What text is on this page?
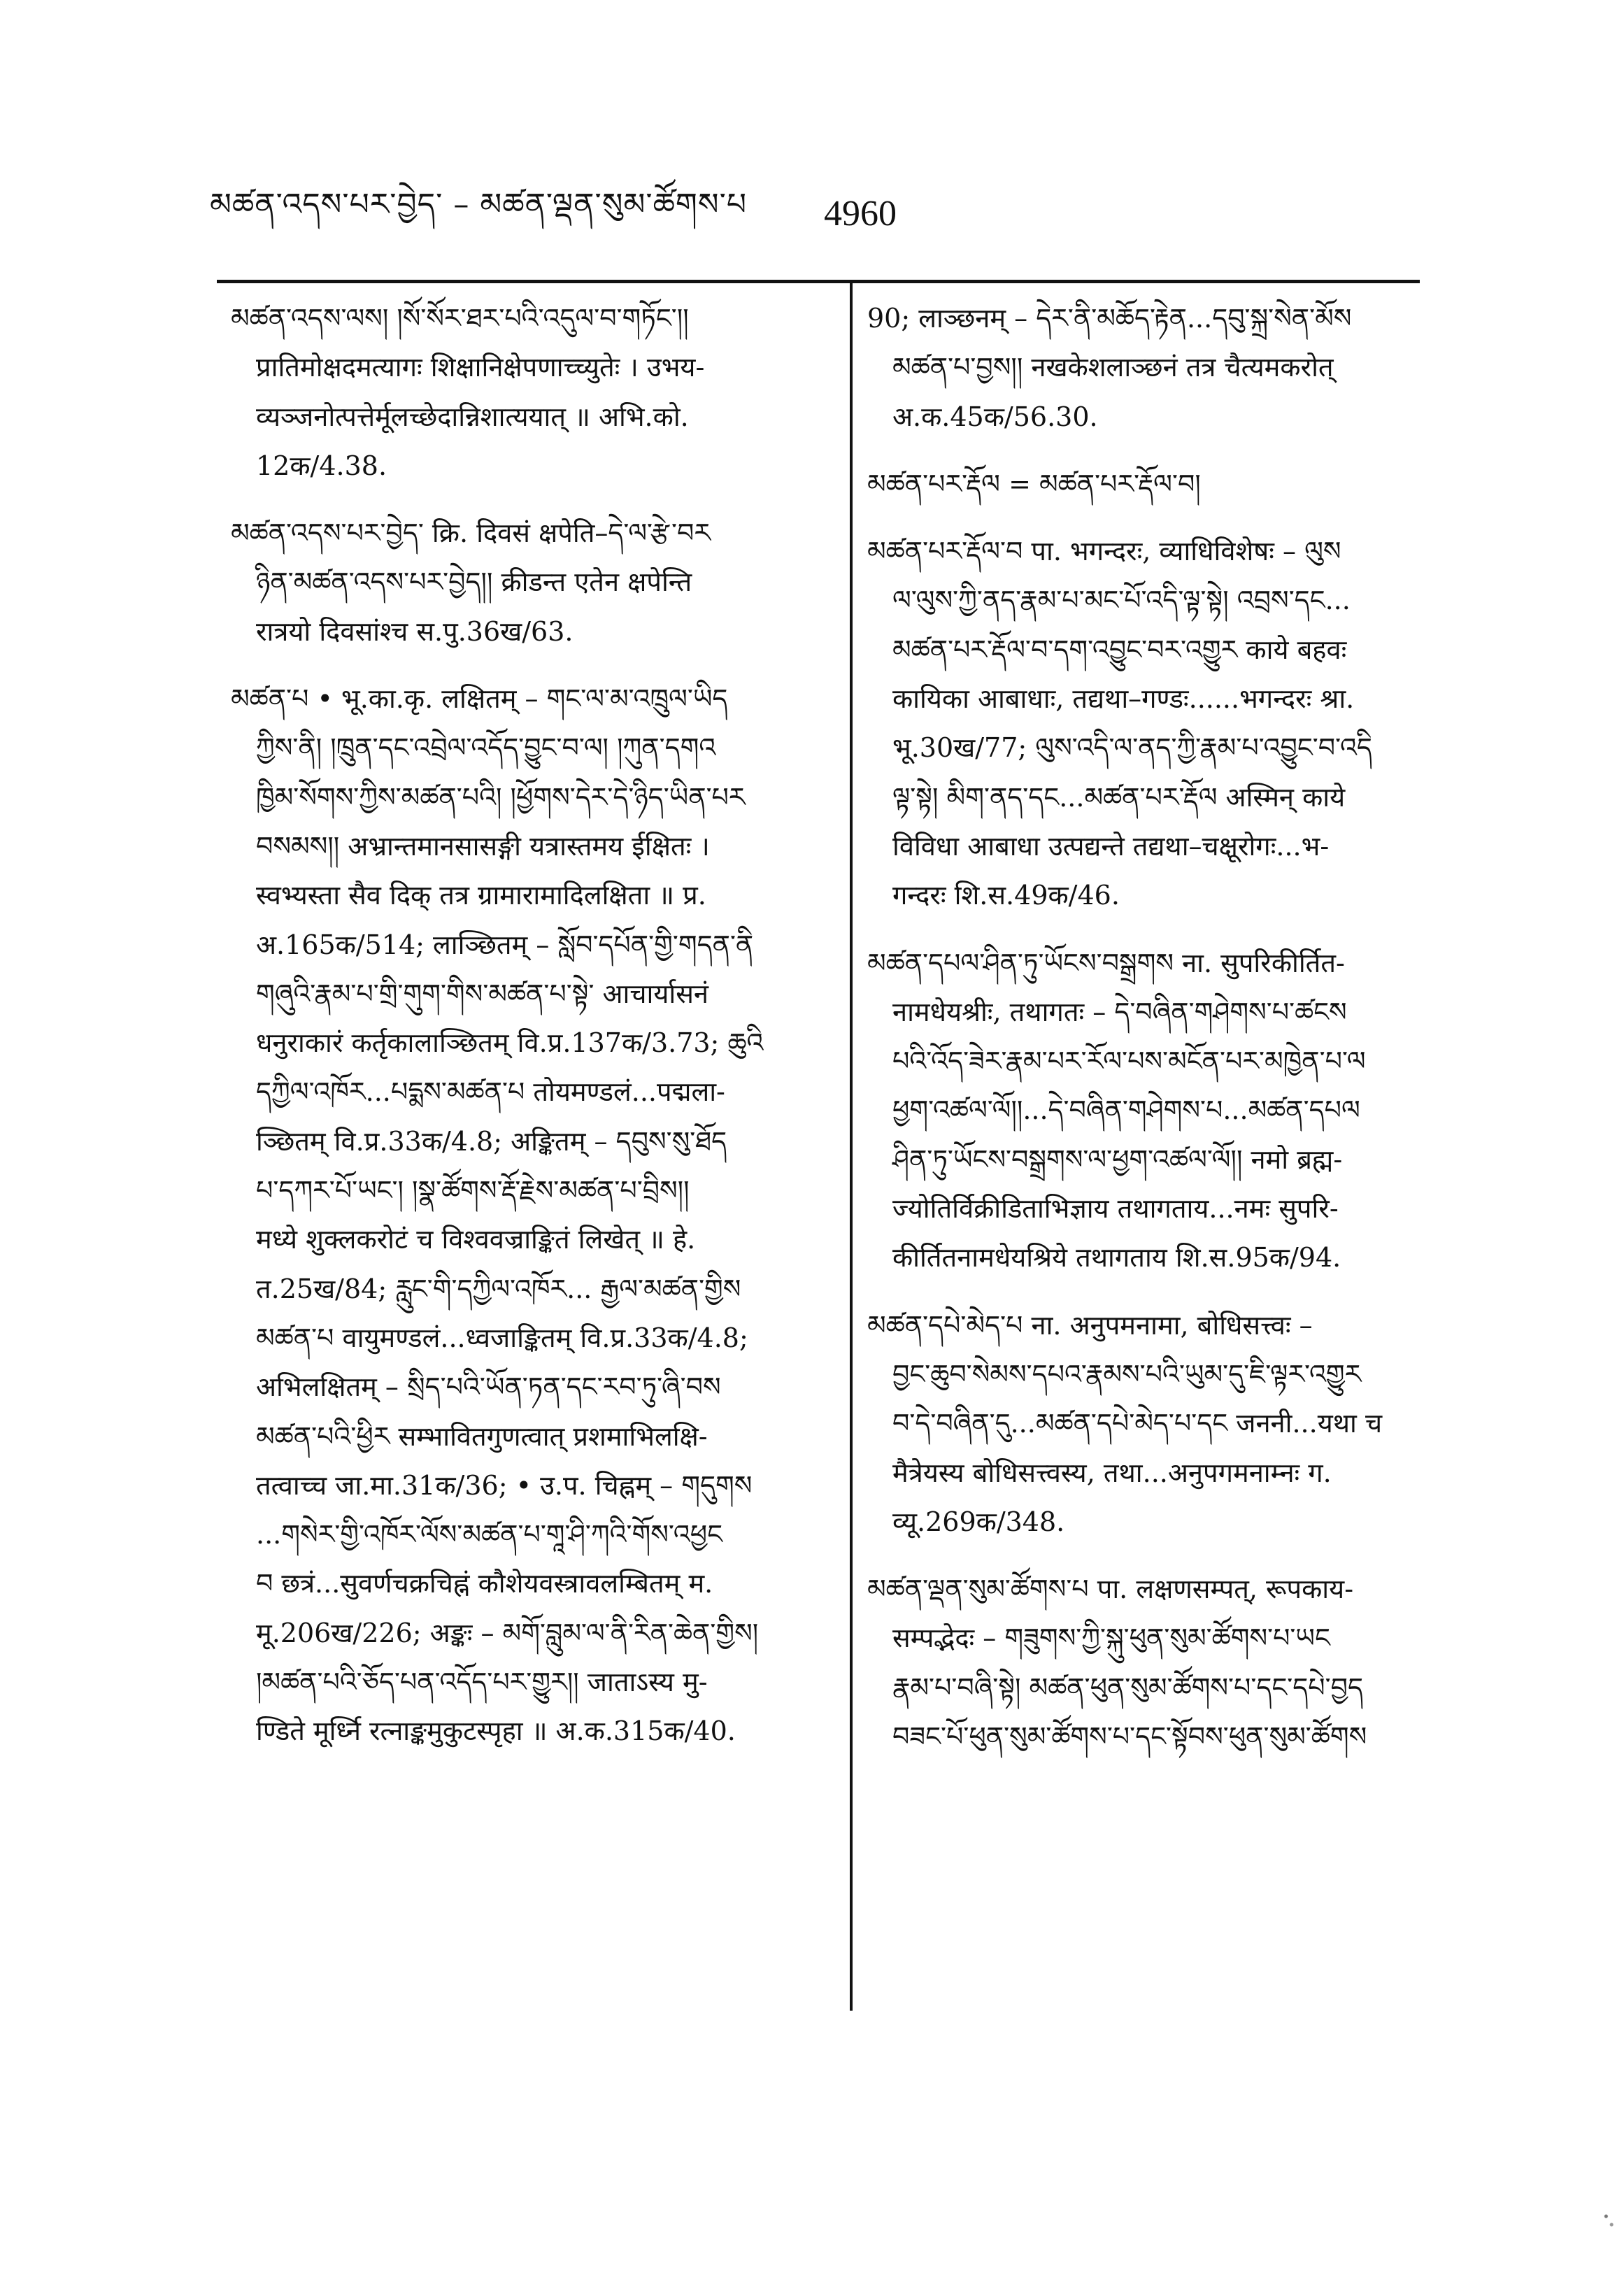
མཚན་འདས་པར་བྱེད་ – མཚན་ལྡན་སུམ་ཚོགས་པ 4960

མཚན་འདས་ལས། །སོ་སོར་ཐར་པའི་འདུལ་བ་གཏོང་།།

प्रातिमोक्षदमत्यागः शिक्षानिक्षेपणाच्च्युतेः । उभय-

व्यञ्जनोत्पत्तेर्मूलच्छेदान्निशात्ययात् ॥ अभि.को.

12क/4.38.

མཚན་འདས་པར་བྱེད་ क्रि. दिवसं क्षपेति–དེ་ལ་རྩེ་བར

ཉིན་མཚན་འདས་པར་བྱེད།། क्रीडन्त एतेन क्षपेन्ति

रात्रयो दिवसांश्च स.पु.36ख/63.

མཚན་པ • भू.का.कृ. लक्षितम् – གང་ལ་མ་འཁྲུལ་ཡིད

ཀྱིས་ནི། །ཁྲུན་དང་འབྲེལ་འདོད་བྱུང་བ་ལ། །ཀུན་དགའ

ཁྱིམ་སོགས་ཀྱིས་མཚན་པའི། །ཕྱོགས་དེར་དེ་ཉིད་ཡིན་པར

བསམས།། अभ्रान्तमानसासङ्गी यत्रास्तमय ईक्षितः ।

स्वभ्यस्ता सैव दिक् तत्र ग्रामारामादिलक्षिता ॥ प्र.

अ.165क/514; लाञ्छितम् – སློབ་དཔོན་གྱི་གདན་ནི

གཞུའི་རྣམ་པ་གྲི་གུག་གིས་མཚན་པ་སྟེ་ आचार्यासनं

धनुराकारं कर्तृकालाञ्छितम् वि.प्र.137क/3.73; ཆུའི

དཀྱིལ་འཁོར...པདྨས་མཚན་པ तोयमण्डलं...पद्मला-

ञ्छितम् वि.प्र.33क/4.8; अङ्कितम् – དབུས་སུ་ཐོད

པ་དཀར་པོ་ཡང་། །སྣ་ཚོགས་རྡོ་རྗེས་མཚན་པ་བྲིས།།

मध्ये शुक्लकरोटं च विश्ववज्राङ्कितं लिखेत् ॥ हे.

त.25ख/84; རླུང་གི་དཀྱིལ་འཁོར... རྒྱལ་མཚན་གྱིས

མཚན་པ वायुमण्डलं...ध्वजाङ्कितम् वि.प्र.33क/4.8;

अभिलक्षितम् – སྲིད་པའི་ཡོན་ཏན་དང་རབ་ཏུ་ཞི་བས

མཚན་པའི་ཕྱིར सम्भावितगुणत्वात् प्रशमाभिलक्षि-

तत्वाच्च जा.मा.31क/36; • उ.प. चिह्नम् – གདུགས

...གསེར་གྱི་འཁོར་ལོས་མཚན་པ་གཱ་ཤི་ཀའི་གོས་འཕྱང

བ छत्रं...सुवर्णचक्रचिह्नं कौशेयवस्त्रावलम्बितम् म.

मू.206ख/226; अङ्कः – མགོ་བླུམ་ལ་ནི་རིན་ཆེན་གྱིས།

།མཚན་པའི་ཅོད་པན་འདོད་པར་གྱུར།། जाताऽस्य मु-

ण्डिते मूर्ध्नि रत्नाङ्कमुकुटस्पृहा ॥ अ.क.315क/40.

90; लाञ्छनम् – དེར་ནི་མཆོད་རྟེན...དབུ་སྐྲ་སེན་མོས

མཚན་པ་བྱས།། नखकेशलाञ्छनं तत्र चैत्यमकरोत्

अ.क.45क/56.30.

མཚན་པར་རྡོལ = མཚན་པར་རྡོལ་བ།

མཚན་པར་རྡོལ་བ पा. भगन्दरः, व्याधिविशेषः – ལུས

ལ་ལུས་ཀྱི་ནད་རྣམ་པ་མང་པོ་འདི་ལྟ་སྟེ། འབྲས་དང...

མཚན་པར་རྡོལ་བ་དག་འབྱུང་བར་འགྱུར काये बहवः

कायिका आबाधाः, तद्यथा–गण्डः......भगन्दरः श्रा.

भू.30ख/77; ལུས་འདི་ལ་ནད་ཀྱི་རྣམ་པ་འབྱུང་བ་འདི

ལྟ་སྟེ། མིག་ནད་དང...མཚན་པར་རྡོལ अस्मिन् काये

विविधा आबाधा उत्पद्यन्ते तद्यथा–चक्षूरोगः...भ-

गन्दरः शि.स.49क/46.

མཚན་དཔལ་ཤིན་ཏུ་ཡོངས་བསྒྲགས ना. सुपरिकीर्तित-

नामधेयश्रीः, तथागतः – དེ་བཞིན་གཤེགས་པ་ཚངས

པའི་འོད་ཟེར་རྣམ་པར་རོལ་པས་མངོན་པར་མཁྱེན་པ་ལ

ཕྱག་འཚལ་ལོ།།...དེ་བཞིན་གཤེགས་པ...མཚན་དཔལ

ཤིན་ཏུ་ཡོངས་བསྒྲགས་ལ་ཕྱག་འཚལ་ལོ།། नमो ब्रह्म-

ज्योतिर्विक्रीडिताभिज्ञाय तथागताय...नमः सुपरि-

कीर्तितनामधेयश्रिये तथागताय शि.स.95क/94.

མཚན་དཔེ་མེད་པ ना. अनुपमनामा, बोधिसत्त्वः –

བྱང་ཆུབ་སེམས་དཔའ་རྣམས་པའི་ཡུམ་དུ་ཇི་ལྟར་འགྱུར

བ་དེ་བཞིན་དུ...མཚན་དཔེ་མེད་པ་དང जननी...यथा च

मैत्रेयस्य बोधिसत्त्वस्य, तथा...अनुपगमनाम्नः ग.

व्यू.269क/348.

མཚན་ལྡན་སུམ་ཚོགས་པ पा. लक्षणसम्पत्, रूपकाय-

सम्पद्भेदः – གཟུགས་ཀྱི་སྐུ་ཕུན་སུམ་ཚོགས་པ་ཡང

རྣམ་པ་བཞི་སྟེ། མཚན་ཕུན་སུམ་ཚོགས་པ་དང་དཔེ་བྱད

བཟང་པོ་ཕུན་སུམ་ཚོགས་པ་དང་སྟོབས་ཕུན་སུམ་ཚོགས
